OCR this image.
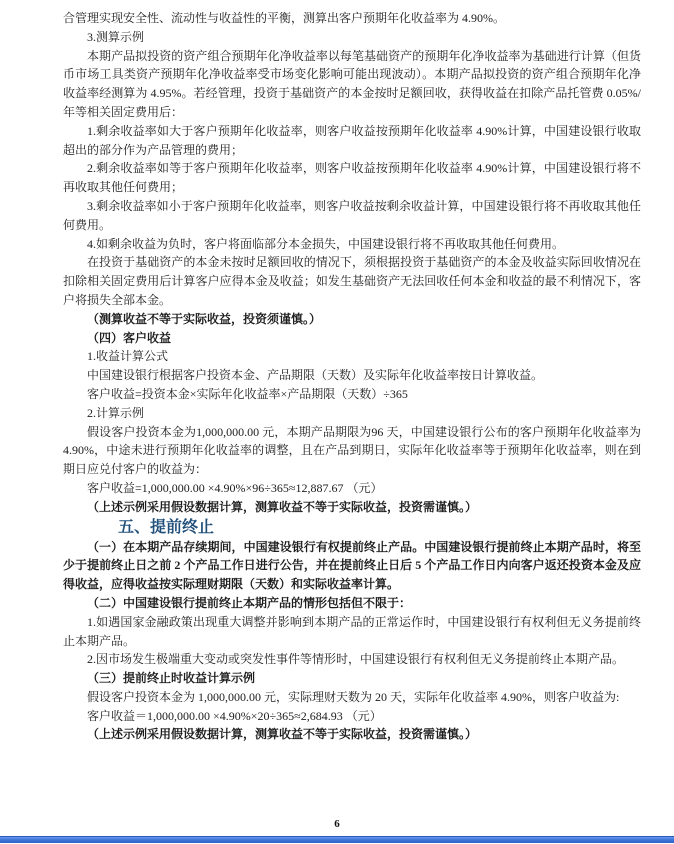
合管理实现安全性、流动性与收益性的平衡，测算出客户预期年化收益率为 4.90%。

3.测算示例

本期产品拟投资的资产组合预期年化净收益率以每笔基础资产的预期年化净收益率为基础进行计算（但货币市场工具类资产预期年化净收益率受市场变化影响可能出现波动）。本期产品拟投资的资产组合预期年化净收益率经测算为 4.95%。若经管理，投资于基础资产的本金按时足额回收，获得收益在扣除产品托管费 0.05%/年等相关固定费用后：

1.剩余收益率如大于客户预期年化收益率，则客户收益按预期年化收益率 4.90%计算，中国建设银行收取超出的部分作为产品管理的费用；

2.剩余收益率如等于客户预期年化收益率，则客户收益按预期年化收益率 4.90%计算，中国建设银行将不再收取其他任何费用；

3.剩余收益率如小于客户预期年化收益率，则客户收益按剩余收益计算，中国建设银行将不再收取其他任何费用。

4.如剩余收益为负时，客户将面临部分本金损失，中国建设银行将不再收取其他任何费用。

在投资于基础资产的本金未按时足额回收的情况下，须根据投资于基础资产的本金及收益实际回收情况在扣除相关固定费用后计算客户应得本金及收益；如发生基础资产无法回收任何本金和收益的最不利情况下，客户将损失全部本金。

（测算收益不等于实际收益，投资须谨慎。）

（四）客户收益

1.收益计算公式

中国建设银行根据客户投资本金、产品期限（天数）及实际年化收益率按日计算收益。

客户收益=投资本金×实际年化收益率×产品期限（天数）÷365

2.计算示例

假设客户投资本金为1,000,000.00 元，本期产品期限为96 天，中国建设银行公布的客户预期年化收益率为 4.90%，中途未进行预期年化收益率的调整，且在产品到期日，实际年化收益率等于预期年化收益率，则在到期日应兑付客户的收益为：

客户收益=1,000,000.00 ×4.90%×96÷365≈12,887.67 （元）

（上述示例采用假设数据计算，测算收益不等于实际收益，投资需谨慎。）

五、提前终止

（一）在本期产品存续期间，中国建设银行有权提前终止产品。中国建设银行提前终止本期产品时，将至少于提前终止日之前 2 个产品工作日进行公告，并在提前终止日后 5 个产品工作日内向客户返还投资本金及应得收益，应得收益按实际理财期限（天数）和实际收益率计算。

（二）中国建设银行提前终止本期产品的情形包括但不限于：

1.如遇国家金融政策出现重大调整并影响到本期产品的正常运作时，中国建设银行有权利但无义务提前终止本期产品。

2.因市场发生极端重大变动或突发性事件等情形时，中国建设银行有权利但无义务提前终止本期产品。

（三）提前终止时收益计算示例

假设客户投资本金为 1,000,000.00 元，实际理财天数为 20 天，实际年化收益率 4.90%，则客户收益为:

客户收益＝1,000,000.00 ×4.90%×20÷365≈2,684.93 （元）

（上述示例采用假设数据计算，测算收益不等于实际收益，投资需谨慎。）

6
